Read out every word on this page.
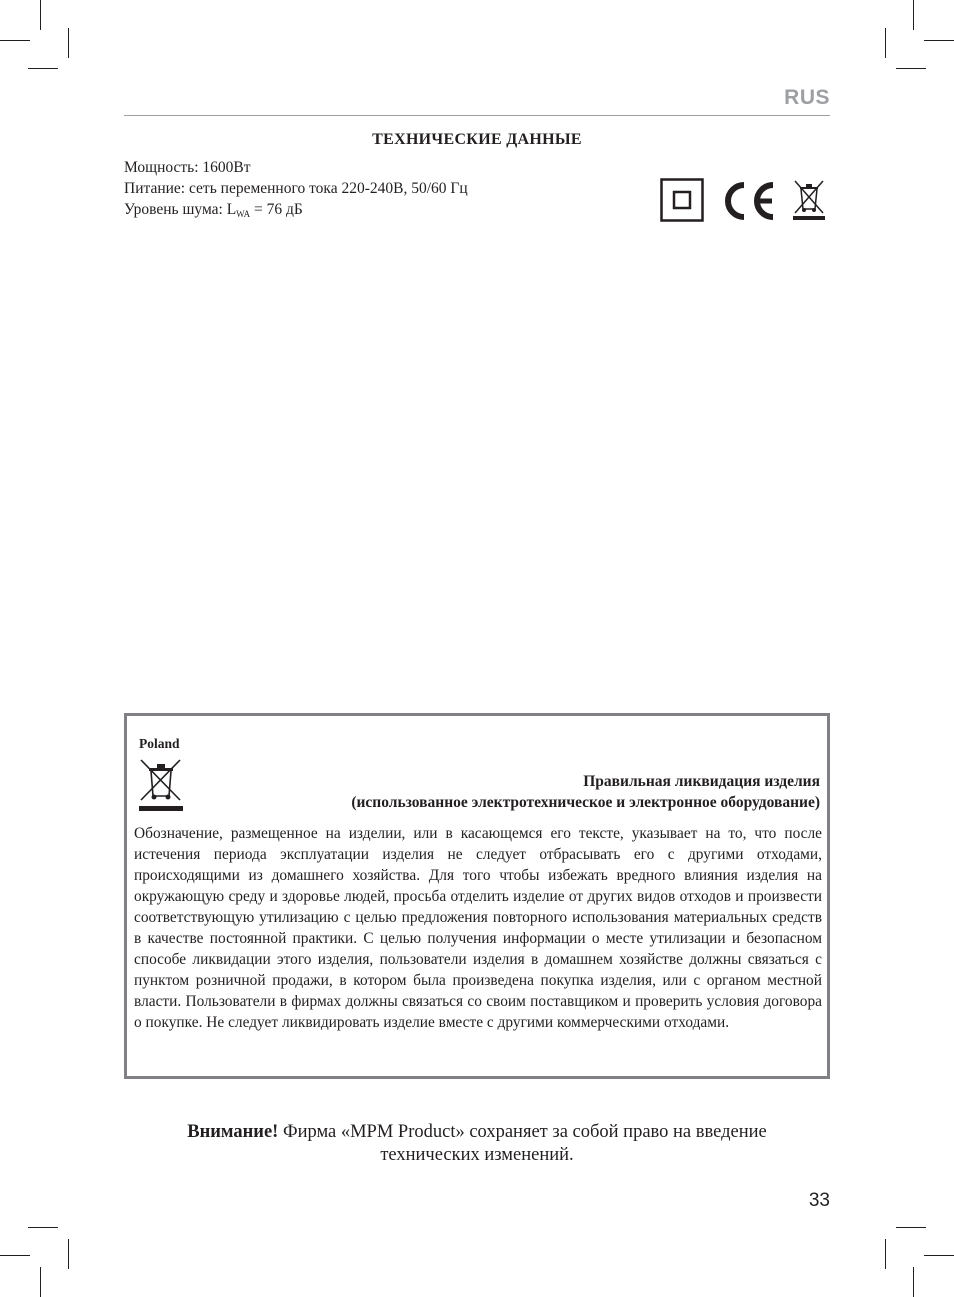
RUS
ТЕХНИЧЕСКИЕ ДАННЫЕ
Мощность: 1600Вт
Питание: сеть переменного тока 220-240В, 50/60 Гц
Уровень шума: $L_{WA} = 76$ дБ
Poland
Правильная ликвидация изделия
(использованное электротехническое и электронное оборудование)

Обозначение, размещенное на изделии, или в касающемся его тексте, указывает на то, что после истечения периода эксплуатации изделия не следует отбрасывать его с другими отходами, происходящими из домашнего хозяйства. Для того чтобы избежать вредного влияния изделия на окружающую среду и здоровье людей, просьба отделить изделие от других видов отходов и произвести соответствующую утилизацию с целью предложения повторного использования материальных средств в качестве постоянной практики. С целью получения информации о месте утилизации и безопасном способе ликвидации этого изделия, пользователи изделия в домашнем хозяйстве должны связаться с пунктом розничной продажи, в котором была произведена покупка изделия, или с органом местной власти. Пользователи в фирмах должны связаться со своим поставщиком и проверить условия договора о покупке. Не следует ликвидировать изделие вместе с другими коммерческими отходами.

Внимание! Фирма «MPM Product» сохраняет за собой право на введение
технических изменений.
33
